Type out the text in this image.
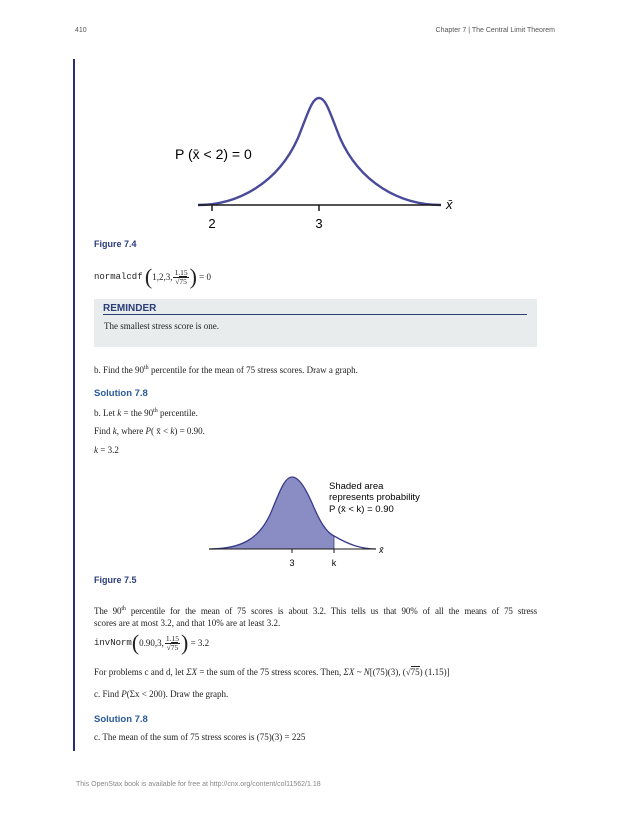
410	Chapter 7 | The Central Limit Theorem
2	3
x̄
P (x̄ < 2) = 0
Figure 7.4
normalcdf (1,2,3, $\frac{1.15}{√75}$ ) = 0
REMINDER
The smallest stress score is one.
b. Find the 90th percentile for the mean of 75 stress scores. Draw a graph.
Solution 7.8
b. Let k = the 90th percentile.
Find k, where P( x̄ < k) = 0.90.
k = 3.2
3	k
x̄
Shaded area
represents probability
P (x̄ < k) = 0.90
Figure 7.5
The 90th percentile for the mean of 75 scores is about 3.2. This tells us that 90% of all the means of 75 stress
scores are at most 3.2, and that 10% are at least 3.2.
invNorm(0.90,3, $\frac{1.15}{√75}$ ) = 3.2
For problems c and d, let ΣX = the sum of the 75 stress scores. Then, ΣX ~ N[(75)(3), (√75) (1.15)]
c. Find P(Σx < 200). Draw the graph.
Solution 7.8
c. The mean of the sum of 75 stress scores is (75)(3) = 225
This OpenStax book is available for free at http://cnx.org/content/col11562/1.18
